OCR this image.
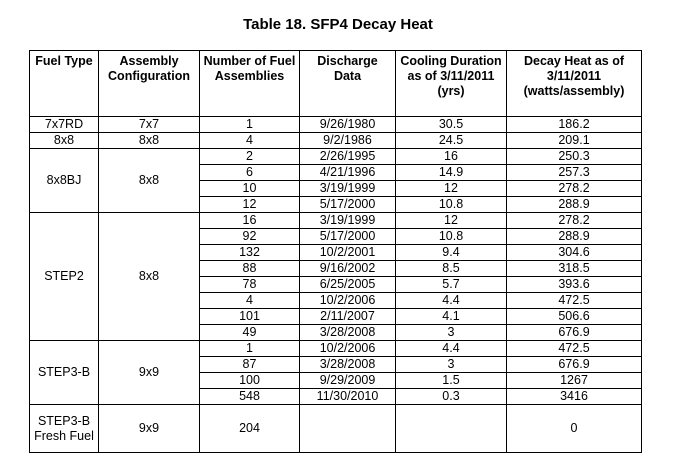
Table 18. SFP4 Decay Heat
Fuel Type	Assembly Configuration	Number of Fuel Assemblies	Discharge Data	Cooling Duration as of 3/11/2011 (yrs)	Decay Heat as of 3/11/2011 (watts/assembly)
7x7RD	7x7	1	9/26/1980	30.5	186.2
8x8	8x8	4	9/2/1986	24.5	209.1
8x8BJ	8x8	2	2/26/1995	16	250.3
		6	4/21/1996	14.9	257.3
		10	3/19/1999	12	278.2
		12	5/17/2000	10.8	288.9
STEP2	8x8	16	3/19/1999	12	278.2
		92	5/17/2000	10.8	288.9
		132	10/2/2001	9.4	304.6
		88	9/16/2002	8.5	318.5
		78	6/25/2005	5.7	393.6
		4	10/2/2006	4.4	472.5
		101	2/11/2007	4.1	506.6
		49	3/28/2008	3	676.9
STEP3-B	9x9	1	10/2/2006	4.4	472.5
		87	3/28/2008	3	676.9
		100	9/29/2009	1.5	1267
		548	11/30/2010	0.3	3416
STEP3-B Fresh Fuel	9x9	204			0
